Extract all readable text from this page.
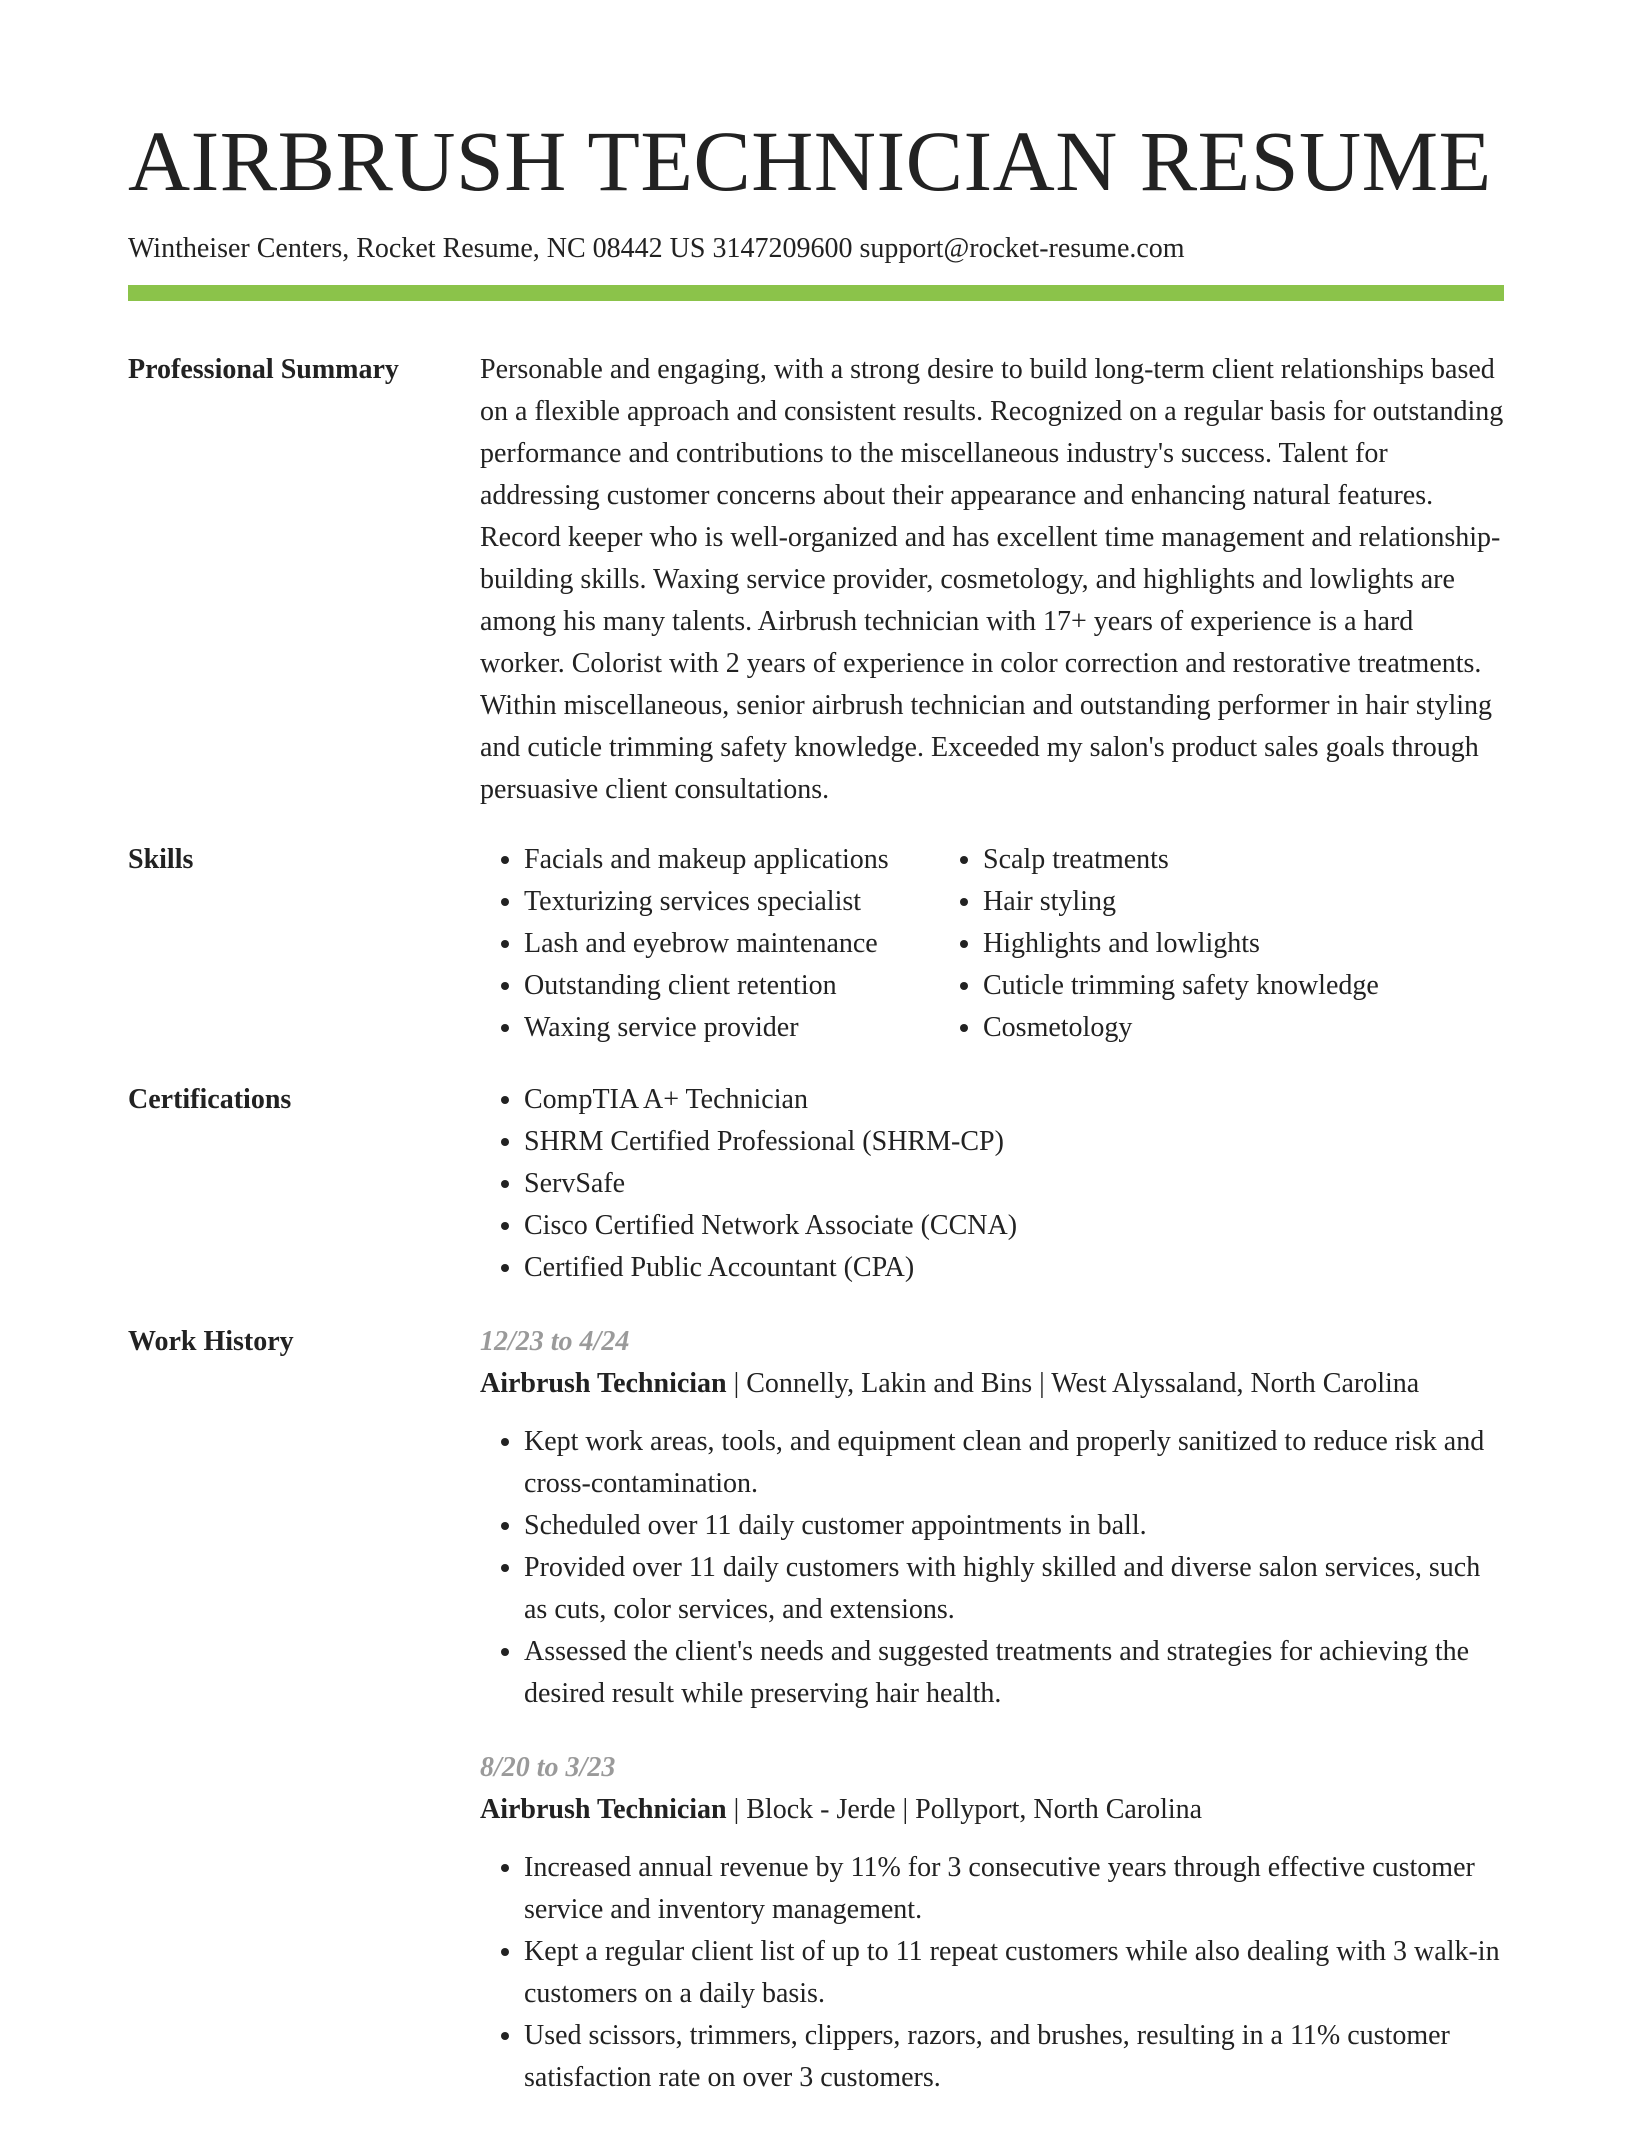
AIRBRUSH TECHNICIAN RESUME
Wintheiser Centers, Rocket Resume, NC 08442 US 3147209600 support@rocket-resume.com
Professional Summary	Personable and engaging, with a strong desire to build long-term client relationships based on a flexible approach and consistent results. Recognized on a regular basis for outstanding performance and contributions to the miscellaneous industry's success. Talent for addressing customer concerns about their appearance and enhancing natural features. Record keeper who is well-organized and has excellent time management and relationship-building skills. Waxing service provider, cosmetology, and highlights and lowlights are among his many talents. Airbrush technician with 17+ years of experience is a hard worker. Colorist with 2 years of experience in color correction and restorative treatments. Within miscellaneous, senior airbrush technician and outstanding performer in hair styling and cuticle trimming safety knowledge. Exceeded my salon's product sales goals through persuasive client consultations.

Skills	• Facials and makeup applications
• Texturizing services specialist
• Lash and eyebrow maintenance
• Outstanding client retention
• Waxing service provider
• Scalp treatments
• Hair styling
• Highlights and lowlights
• Cuticle trimming safety knowledge
• Cosmetology
Certifications	• CompTIA A+ Technician
• SHRM Certified Professional (SHRM-CP)
• ServSafe
• Cisco Certified Network Associate (CCNA)
• Certified Public Accountant (CPA)
Work History	12/23 to 4/24

Airbrush Technician | Connelly, Lakin and Bins | West Alyssaland, North Carolina

• Kept work areas, tools, and equipment clean and properly sanitized to reduce risk and cross-contamination.
• Scheduled over 11 daily customer appointments in ball.
• Provided over 11 daily customers with highly skilled and diverse salon services, such as cuts, color services, and extensions.
• Assessed the client's needs and suggested treatments and strategies for achieving the desired result while preserving hair health.

8/20 to 3/23

Airbrush Technician | Block - Jerde | Pollyport, North Carolina

• Increased annual revenue by 11% for 3 consecutive years through effective customer service and inventory management.
• Kept a regular client list of up to 11 repeat customers while also dealing with 3 walk-in customers on a daily basis.
• Used scissors, trimmers, clippers, razors, and brushes, resulting in a 11% customer satisfaction rate on over 3 customers.
